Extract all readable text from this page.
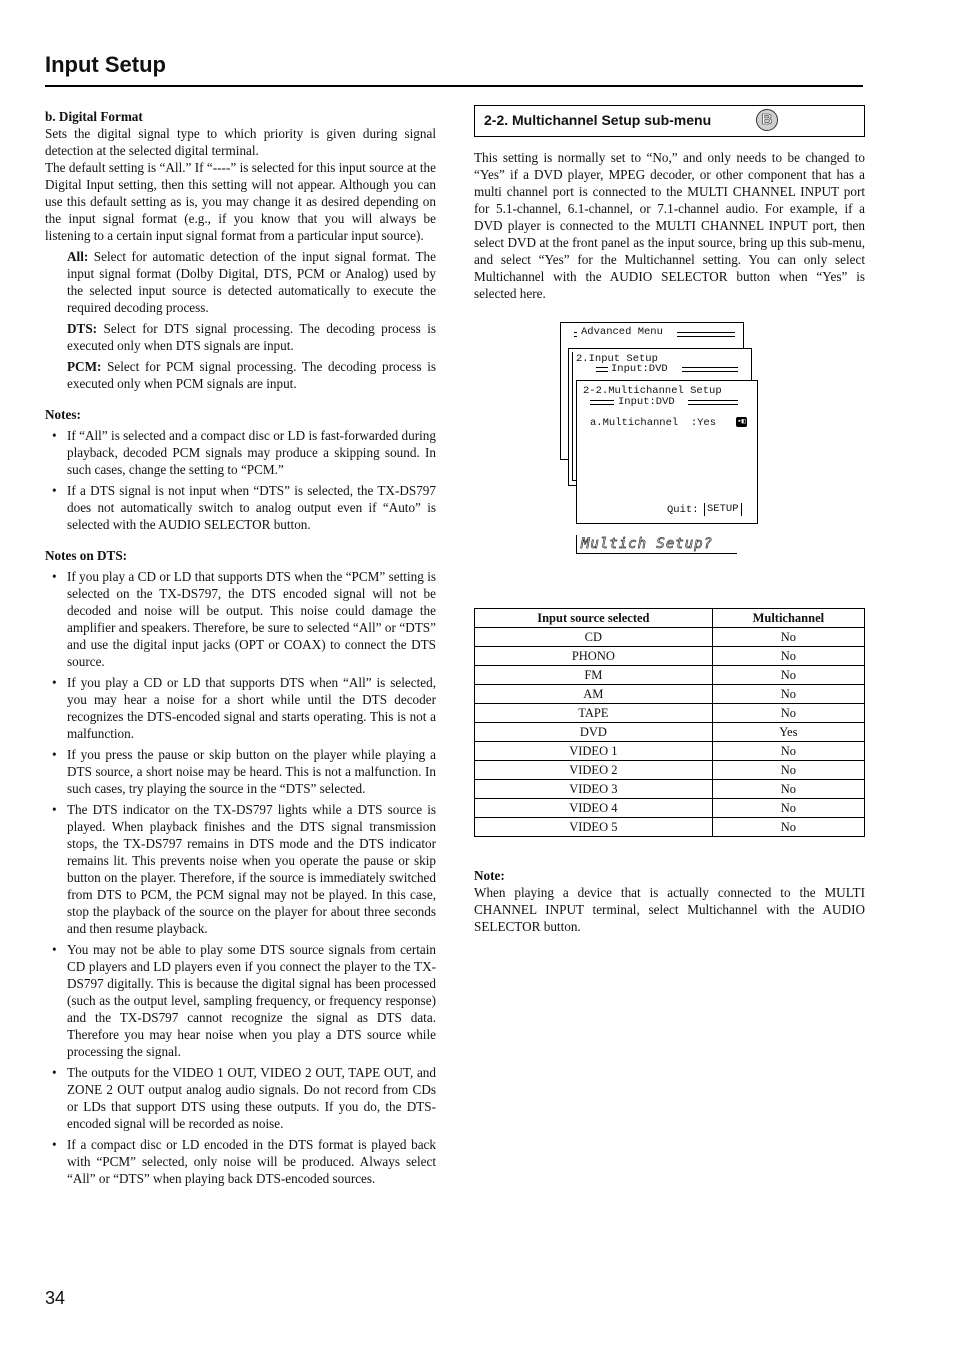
Input Setup

b. Digital Format

Sets the digital signal type to which priority is given during signal detection at the selected digital terminal.

The default setting is “All.” If “----” is selected for this input source at the Digital Input setting, then this setting will not appear. Although you can use this default setting as is, you may change it as desired depending on the input signal format (e.g., if you know that you will always be listening to a certain input signal format from a particular input source).

All: Select for automatic detection of the input signal format. The input signal format (Dolby Digital, DTS, PCM or Analog) used by the selected input source is detected automatically to execute the required decoding process.

DTS: Select for DTS signal processing. The decoding process is executed only when DTS signals are input.

PCM: Select for PCM signal processing. The decoding process is executed only when PCM signals are input.

Notes:

• If “All” is selected and a compact disc or LD is fast-forwarded during playback, decoded PCM signals may produce a skipping sound. In such cases, change the setting to “PCM.”
• If a DTS signal is not input when “DTS” is selected, the TX-DS797 does not automatically switch to analog output even if “Auto” is selected with the AUDIO SELECTOR button.

Notes on DTS:

• If you play a CD or LD that supports DTS when the “PCM” setting is selected on the TX-DS797, the DTS encoded signal will not be decoded and noise will be output. This noise could damage the amplifier and speakers. Therefore, be sure to selected “All” or “DTS” and use the digital input jacks (OPT or COAX) to connect the DTS source.
• If you play a CD or LD that supports DTS when “All” is selected, you may hear a noise for a short while until the DTS decoder recognizes the DTS-encoded signal and starts operating. This is not a malfunction.
• If you press the pause or skip button on the player while playing a DTS source, a short noise may be heard. This is not a malfunction. In such cases, try playing the source in the “DTS” selected.
• The DTS indicator on the TX-DS797 lights while a DTS source is played. When playback finishes and the DTS signal transmission stops, the TX-DS797 remains in DTS mode and the DTS indicator remains lit. This prevents noise when you operate the pause or skip button on the player. Therefore, if the source is immediately switched from DTS to PCM, the PCM signal may not be played. In this case, stop the playback of the source on the player for about three seconds and then resume playback.
• You may not be able to play some DTS source signals from certain CD players and LD players even if you connect the player to the TX-DS797 digitally. This is because the digital signal has been processed (such as the output level, sampling frequency, or frequency response) and the TX-DS797 cannot recognize the signal as DTS data. Therefore you may hear noise when you play a DTS source while processing the signal.
• The outputs for the VIDEO 1 OUT, VIDEO 2 OUT, TAPE OUT, and ZONE 2 OUT output analog audio signals. Do not record from CDs or LDs that support DTS using these outputs. If you do, the DTS-encoded signal will be recorded as noise.
• If a compact disc or LD encoded in the DTS format is played back with “PCM” selected, only noise will be produced. Always select “All” or “DTS” when playing back DTS-encoded sources.
2-2. Multichannel Setup sub-menu	B

This setting is normally set to “No,” and only needs to be changed to “Yes” if a DVD player, MPEG decoder, or other component that has a multi channel port is connected to the MULTI CHANNEL INPUT port for 5.1-channel, 6.1-channel, or 7.1-channel audio. For example, if a DVD player is connected to the MULTI CHANNEL INPUT port, then select DVD at the front panel as the input source, bring up this sub-menu, and select “Yes” for the Multichannel setting. You can only select Multichannel with the AUDIO SELECTOR button when “Yes” is selected here.

Advanced Menu
2.Input Setup
Input:DVD
2-2.Multichannel Setup
Input:DVD
a.Multichannel  :Yes	▪◧
Quit: SETUP
Multich Setup?
Input source selected	Multichannel
CD	No
PHONO	No
FM	No
AM	No
TAPE	No
DVD	Yes
VIDEO 1	No
VIDEO 2	No
VIDEO 3	No
VIDEO 4	No
VIDEO 5	No

Note:

When playing a device that is actually connected to the MULTI CHANNEL INPUT terminal, select Multichannel with the AUDIO SELECTOR button.

34
